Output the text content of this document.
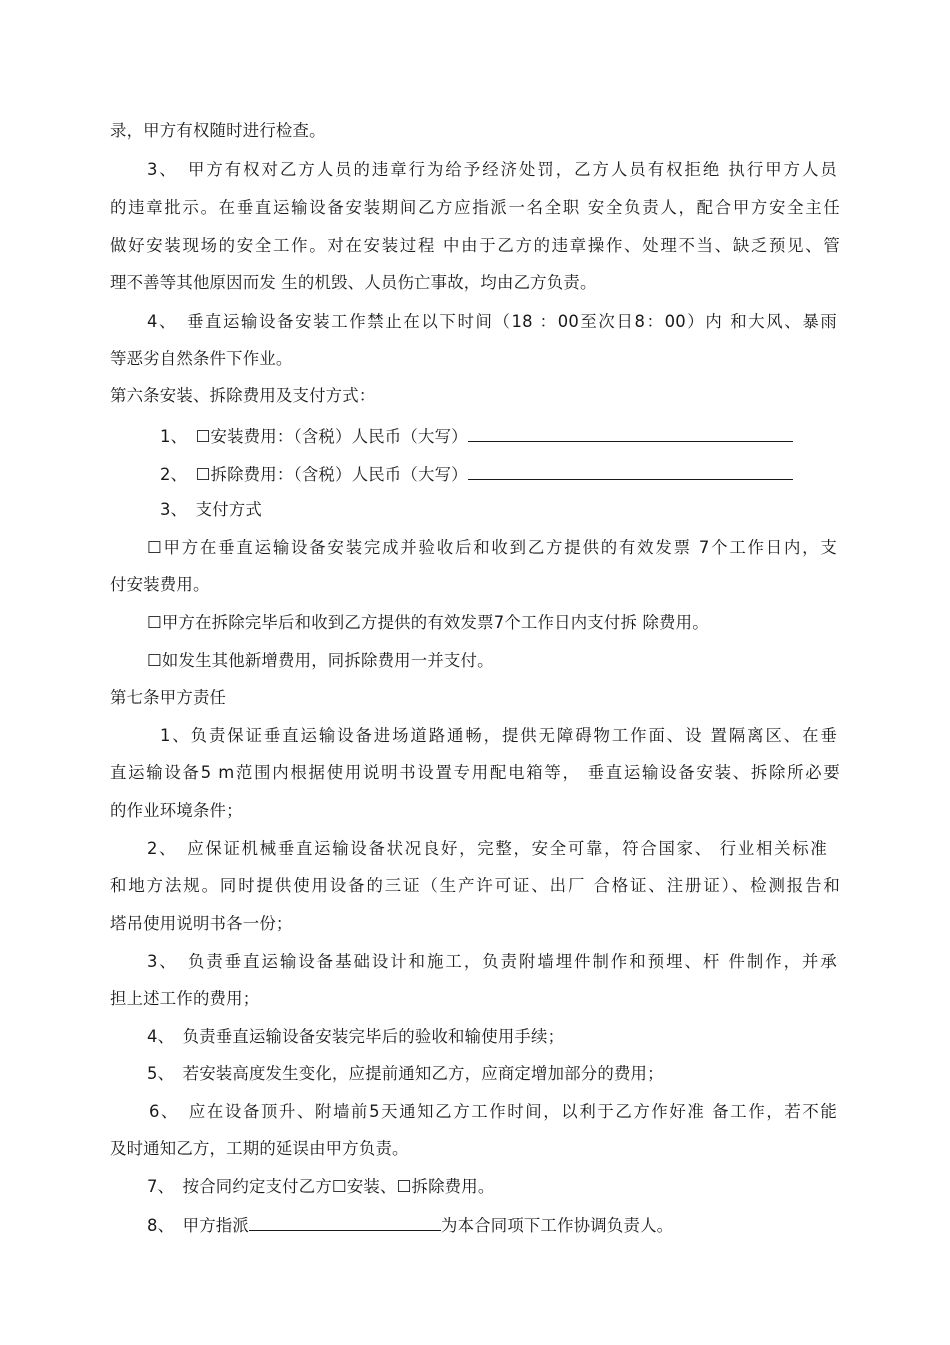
录，甲方有权随时进行检查。
3、　甲方有权对乙方人员的违章行为给予经济处罚，乙方人员有权拒绝 执行甲方人员
的违章批示。在垂直运输设备安装期间乙方应指派一名全职 安全负责人，配合甲方安全主任
做好安装现场的安全工作。对在安装过程 中由于乙方的违章操作、处理不当、缺乏预见、管
理不善等其他原因而发 生的机毁、人员伤亡事故，均由乙方负责。
4、　垂直运输设备安装工作禁止在以下时间（18 ：00至次日8：00）内 和大风、暴雨
等恶劣自然条件下作业。
第六条安装、拆除费用及支付方式：
1、　☐安装费用：（含税）人民币（大写）
2、　☐拆除费用：（含税）人民币（大写）
3、　支付方式
☐甲方在垂直运输设备安装完成并验收后和收到乙方提供的有效发票 7个工作日内，支
付安装费用。
☐甲方在拆除完毕后和收到乙方提供的有效发票7个工作日内支付拆 除费用。
☐如发生其他新增费用，同拆除费用一并支付。
第七条甲方责任
1、负责保证垂直运输设备进场道路通畅，提供无障碍物工作面、设 置隔离区、在垂
直运输设备5 m范围内根据使用说明书设置专用配电箱等， 垂直运输设备安装、拆除所必要
的作业环境条件；
2、　应保证机械垂直运输设备状况良好，完整，安全可靠，符合国家、 行业相关标准
和地方法规。同时提供使用设备的三证（生产许可证、出厂 合格证、注册证）、检测报告和
塔吊使用说明书各一份；
3、　负责垂直运输设备基础设计和施工，负责附墙埋件制作和预埋、杆 件制作，并承
担上述工作的费用；
4、　负责垂直运输设备安装完毕后的验收和输使用手续；
5、　若安装高度发生变化，应提前通知乙方，应商定增加部分的费用；
6、　应在设备顶升、附墙前5天通知乙方工作时间，以利于乙方作好准 备工作，若不能
及时通知乙方，工期的延误由甲方负责。
7、　按合同约定支付乙方☐安装、☐拆除费用。
8、　甲方指派	为本合同项下工作协调负责人。
